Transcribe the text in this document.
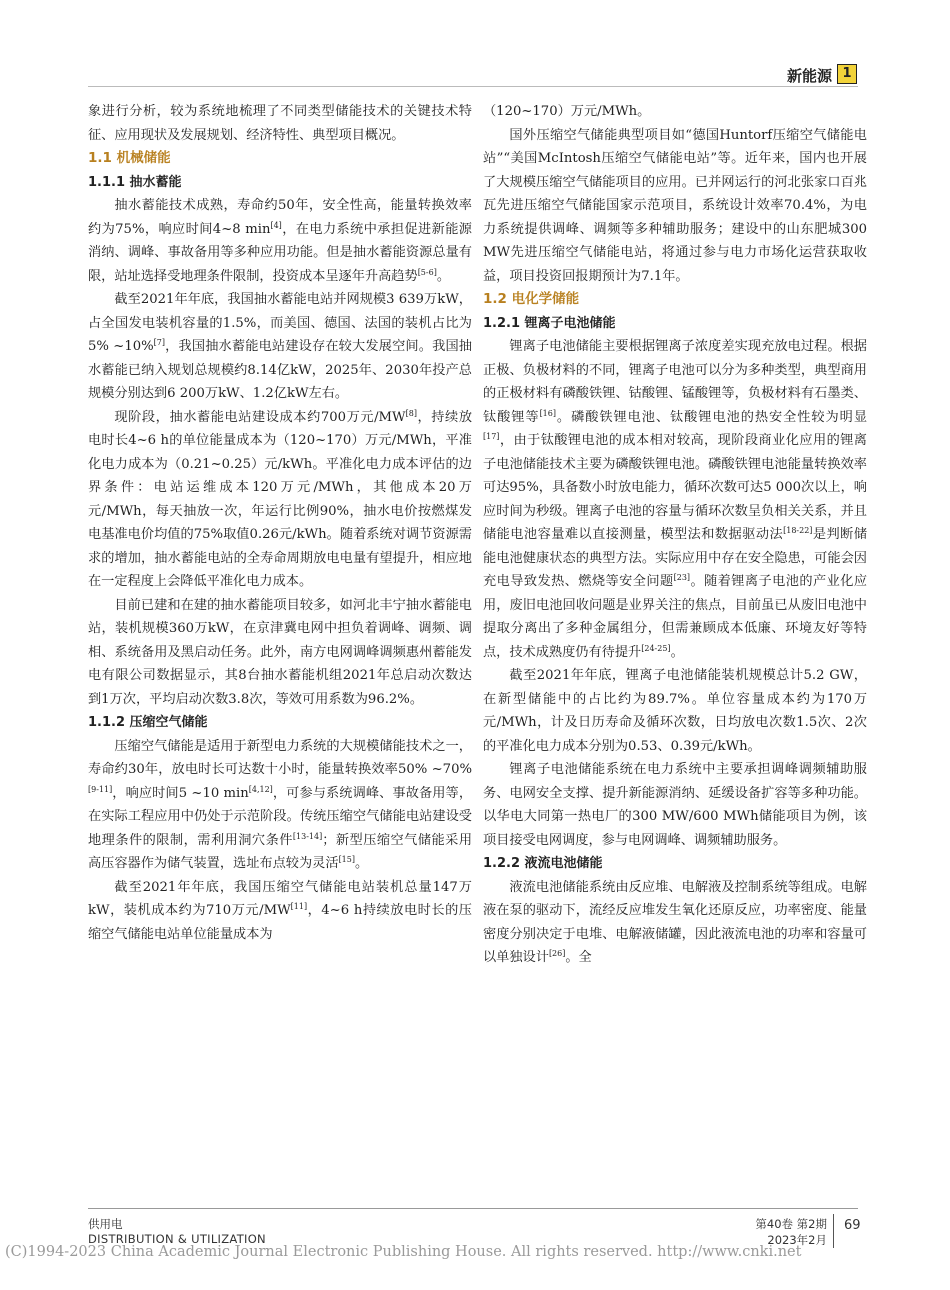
新能源 1

象进行分析，较为系统地梳理了不同类型储能技术的关键技术特征、应用现状及发展规划、经济特性、典型项目概况。

1.1 机械储能
1.1.1 抽水蓄能

抽水蓄能技术成熟，寿命约50年，安全性高，能量转换效率约为75%，响应时间4~8 min[4]，在电力系统中承担促进新能源消纳、调峰、事故备用等多种应用功能。但是抽水蓄能资源总量有限，站址选择受地理条件限制，投资成本呈逐年升高趋势[5-6]。

截至2021年年底，我国抽水蓄能电站并网规模3 639万kW，占全国发电装机容量的1.5%，而美国、德国、法国的装机占比为5% ~10%[7]，我国抽水蓄能电站建设存在较大发展空间。我国抽水蓄能已纳入规划总规模约8.14亿kW，2025年、2030年投产总规模分别达到6 200万kW、1.2亿kW左右。

现阶段，抽水蓄能电站建设成本约700万元/MW[8]，持续放电时长4~6 h的单位能量成本为（120~170）万元/MWh，平准化电力成本为（0.21~0.25）元/kWh。平准化电力成本评估的边界条件：电站运维成本120万元/MWh，其他成本20万元/MWh，每天抽放一次，年运行比例90%，抽水电价按燃煤发电基准电价均值的75%取值0.26元/kWh。随着系统对调节资源需求的增加，抽水蓄能电站的全寿命周期放电电量有望提升，相应地在一定程度上会降低平准化电力成本。

目前已建和在建的抽水蓄能项目较多，如河北丰宁抽水蓄能电站，装机规模360万kW，在京津冀电网中担负着调峰、调频、调相、系统备用及黑启动任务。此外，南方电网调峰调频惠州蓄能发电有限公司数据显示，其8台抽水蓄能机组2021年总启动次数达到1万次，平均启动次数3.8次，等效可用系数为96.2%。

1.1.2 压缩空气储能

压缩空气储能是适用于新型电力系统的大规模储能技术之一，寿命约30年，放电时长可达数十小时，能量转换效率50% ~70%[9-11]，响应时间5 ~10 min[4,12]，可参与系统调峰、事故备用等，在实际工程应用中仍处于示范阶段。传统压缩空气储能电站建设受地理条件的限制，需利用洞穴条件[13-14]；新型压缩空气储能采用高压容器作为储气装置，选址布点较为灵活[15]。

截至2021年年底，我国压缩空气储能电站装机总量147万kW，装机成本约为710万元/MW[11]，4~6 h持续放电时长的压缩空气储能电站单位能量成本为

（120~170）万元/MWh。

国外压缩空气储能典型项目如“德国Huntorf压缩空气储能电站”“美国McIntosh压缩空气储能电站”等。近年来，国内也开展了大规模压缩空气储能项目的应用。已并网运行的河北张家口百兆瓦先进压缩空气储能国家示范项目，系统设计效率70.4%，为电力系统提供调峰、调频等多种辅助服务；建设中的山东肥城300 MW先进压缩空气储能电站，将通过参与电力市场化运营获取收益，项目投资回报期预计为7.1年。

1.2 电化学储能
1.2.1 锂离子电池储能

锂离子电池储能主要根据锂离子浓度差实现充放电过程。根据正极、负极材料的不同，锂离子电池可以分为多种类型，典型商用的正极材料有磷酸铁锂、钴酸锂、锰酸锂等，负极材料有石墨类、钛酸锂等[16]。磷酸铁锂电池、钛酸锂电池的热安全性较为明显[17]，由于钛酸锂电池的成本相对较高，现阶段商业化应用的锂离子电池储能技术主要为磷酸铁锂电池。磷酸铁锂电池能量转换效率可达95%，具备数小时放电能力，循环次数可达5 000次以上，响应时间为秒级。锂离子电池的容量与循环次数呈负相关关系，并且储能电池容量难以直接测量，模型法和数据驱动法[18-22]是判断储能电池健康状态的典型方法。实际应用中存在安全隐患，可能会因充电导致发热、燃烧等安全问题[23]。随着锂离子电池的产业化应用，废旧电池回收问题是业界关注的焦点，目前虽已从废旧电池中提取分离出了多种金属组分，但需兼顾成本低廉、环境友好等特点，技术成熟度仍有待提升[24-25]。

截至2021年年底，锂离子电池储能装机规模总计5.2 GW，在新型储能中的占比约为89.7%。单位容量成本约为170万元/MWh，计及日历寿命及循环次数，日均放电次数1.5次、2次的平准化电力成本分别为0.53、0.39元/kWh。

锂离子电池储能系统在电力系统中主要承担调峰调频辅助服务、电网安全支撑、提升新能源消纳、延缓设备扩容等多种功能。以华电大同第一热电厂的300 MW/600 MWh储能项目为例，该项目接受电网调度，参与电网调峰、调频辅助服务。

1.2.2 液流电池储能

液流电池储能系统由反应堆、电解液及控制系统等组成。电解液在泵的驱动下，流经反应堆发生氧化还原反应，功率密度、能量密度分别决定于电堆、电解液储罐，因此液流电池的功率和容量可以单独设计[26]。全

供用电
DISTRIBUTION & UTILIZATION
第40卷 第2期
2023年2月
69
(C)1994-2023 China Academic Journal Electronic Publishing House. All rights reserved. http://www.cnki.net
